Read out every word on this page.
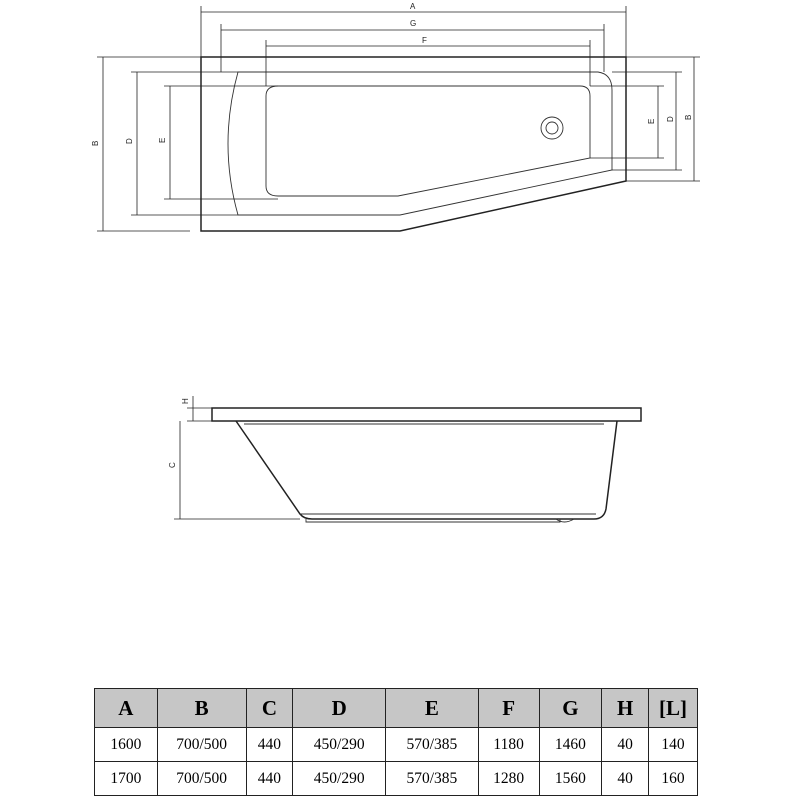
A
G
F
B	D	E
E D B
H
C
A	B	C	D	E	F	G	H	[L]
1600	700/500	440	450/290	570/385	1180	1460	40	140
1700	700/500	440	450/290	570/385	1280	1560	40	160
